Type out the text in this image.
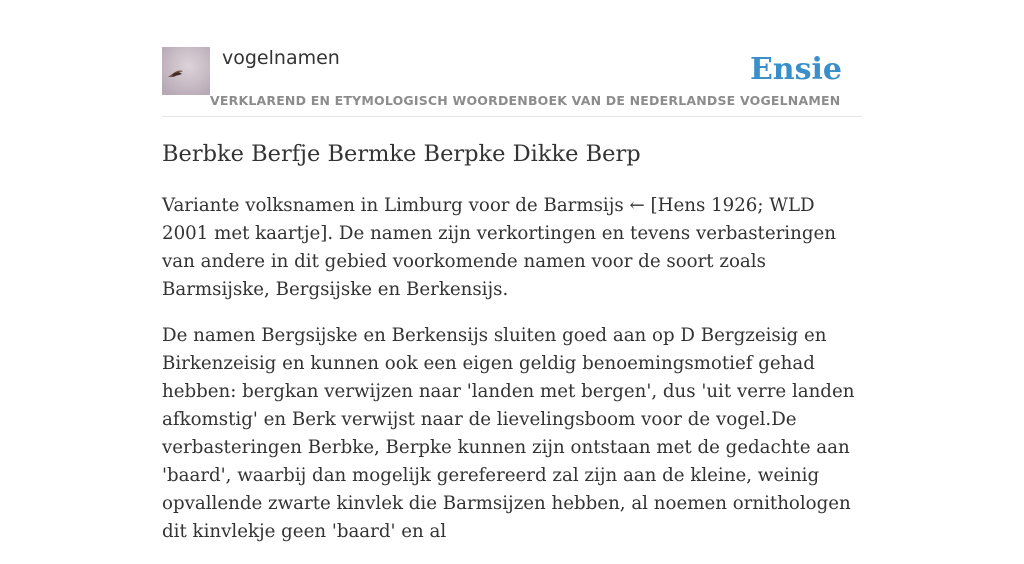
vogelnamen
VERKLAREND EN ETYMOLOGISCH WOORDENBOEK VAN DE NEDERLANDSE VOGELNAMEN
Ensie
Berbke Berfje Bermke Berpke Dikke Berp

Variante volksnamen in Limburg voor de Barmsijs ← [Hens 1926; WLD 2001 met kaartje]. De namen zijn verkortingen en tevens verbasteringen van andere in dit gebied voorkomende namen voor de soort zoals Barmsijske, Bergsijske en Berkensijs.

De namen Bergsijske en Berkensijs sluiten goed aan op D Bergzeisig en Birkenzeisig en kunnen ook een eigen geldig benoemingsmotief gehad hebben: bergkan verwijzen naar 'landen met bergen', dus 'uit verre landen afkomstig' en Berk verwijst naar de lievelingsboom voor de vogel.De verbasteringen Berbke, Berpke kunnen zijn ontstaan met de gedachte aan 'baard', waarbij dan mogelijk gerefereerd zal zijn aan de kleine, weinig opvallende zwarte kinvlek die Barmsijzen hebben, al noemen ornithologen dit kinvlekje geen 'baard' en al
